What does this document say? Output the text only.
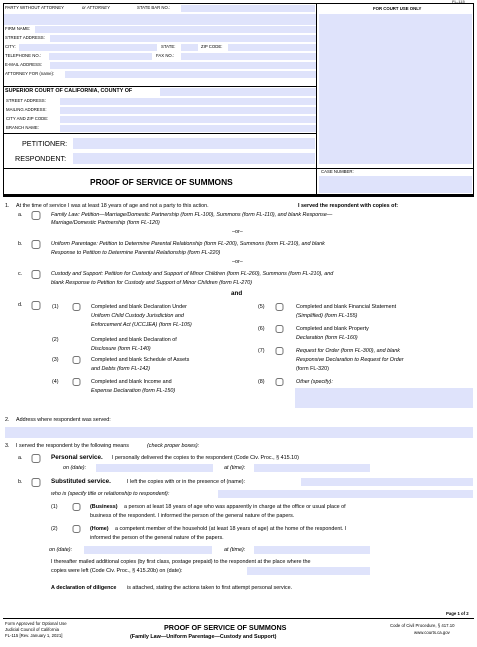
FL-115
PARTY WITHOUT ATTORNEY	or ATTORNEY	STATE BAR NO.:	FOR COURT USE ONLY
FIRM NAME:
STREET ADDRESS:
CITY:	STATE:	ZIP CODE:
TELEPHONE NO.:	FAX NO.:
E-MAIL ADDRESS:
ATTORNEY FOR (name):
SUPERIOR COURT OF CALIFORNIA, COUNTY OF
STREET ADDRESS:
MAILING ADDRESS:
CITY AND ZIP CODE:
BRANCH NAME:
PETITIONER:
RESPONDENT:
PROOF OF SERVICE OF SUMMONS
CASE NUMBER:
1. At the time of service I was at least 18 years of age and not a party to this action.	I served the respondent with copies of:
a.	Family Law: Petition—Marriage/Domestic Partnership (form FL-100), Summons (form FL-110), and blank Response—
Marriage/Domestic Partnership (form FL-120)
–or–
b.	Uniform Parentage: Petition to Determine Parental Relationship (form FL-200), Summons (form FL-210), and blank
Response to Petition to Determine Parental Relationship (form FL-220)
–or–
c.	Custody and Support: Petition for Custody and Support of Minor Children (form FL-260), Summons (form FL-210), and
blank Response to Petition for Custody and Support of Minor Children (form FL-270)
and
d.	(1)	Completed and blank Declaration Under
Uniform Child Custody Jurisdiction and
Enforcement Act (UCCJEA) (form FL-105)
(2)	Completed and blank Declaration of
Disclosure (form FL-140)
(3)	Completed and blank Schedule of Assets
and Debts (form FL-142)
(4)	Completed and blank Income and
Expense Declaration (form FL-150)
(5)	Completed and blank Financial Statement
(Simplified) (form FL-155)
(6)	Completed and blank Property
Declaration (form FL-160)
(7)	Request for Order (form FL-300), and blank
Responsive Declaration to Request for Order
(form FL-320)
(8)	Other (specify):
2. Address where respondent was served:
3. I served the respondent by the following means	(check proper boxes):
a.	Personal service. I personally delivered the copies to the respondent (Code Civ. Proc., § 415.10)
on (date):	at (time):
b.	Substituted service.	I left the copies with or in the presence of (name):
who is (specify title or relationship to respondent):
(1)	(Business) a person at least 18 years of age who was apparently in charge at the office or usual place of
business of the respondent. I informed the person of the general nature of the papers.
(2)	(Home) a competent member of the household (at least 18 years of age) at the home of the respondent. I
informed the person of the general nature of the papers.
on (date):	at (time):
I thereafter mailed additional copies (by first class, postage prepaid) to the respondent at the place where the
copies were left (Code Civ. Proc., § 415.20b) on (date):
A declaration of diligence is attached, stating the actions taken to first attempt personal service.
Page 1 of 2
Form Approved for Optional Use
Judicial Council of California
FL-115 [Rev. January 1, 2021]
PROOF OF SERVICE OF SUMMONS
(Family Law—Uniform Parentage—Custody and Support)
Code of Civil Procedure, § 417.10
www.courts.ca.gov
